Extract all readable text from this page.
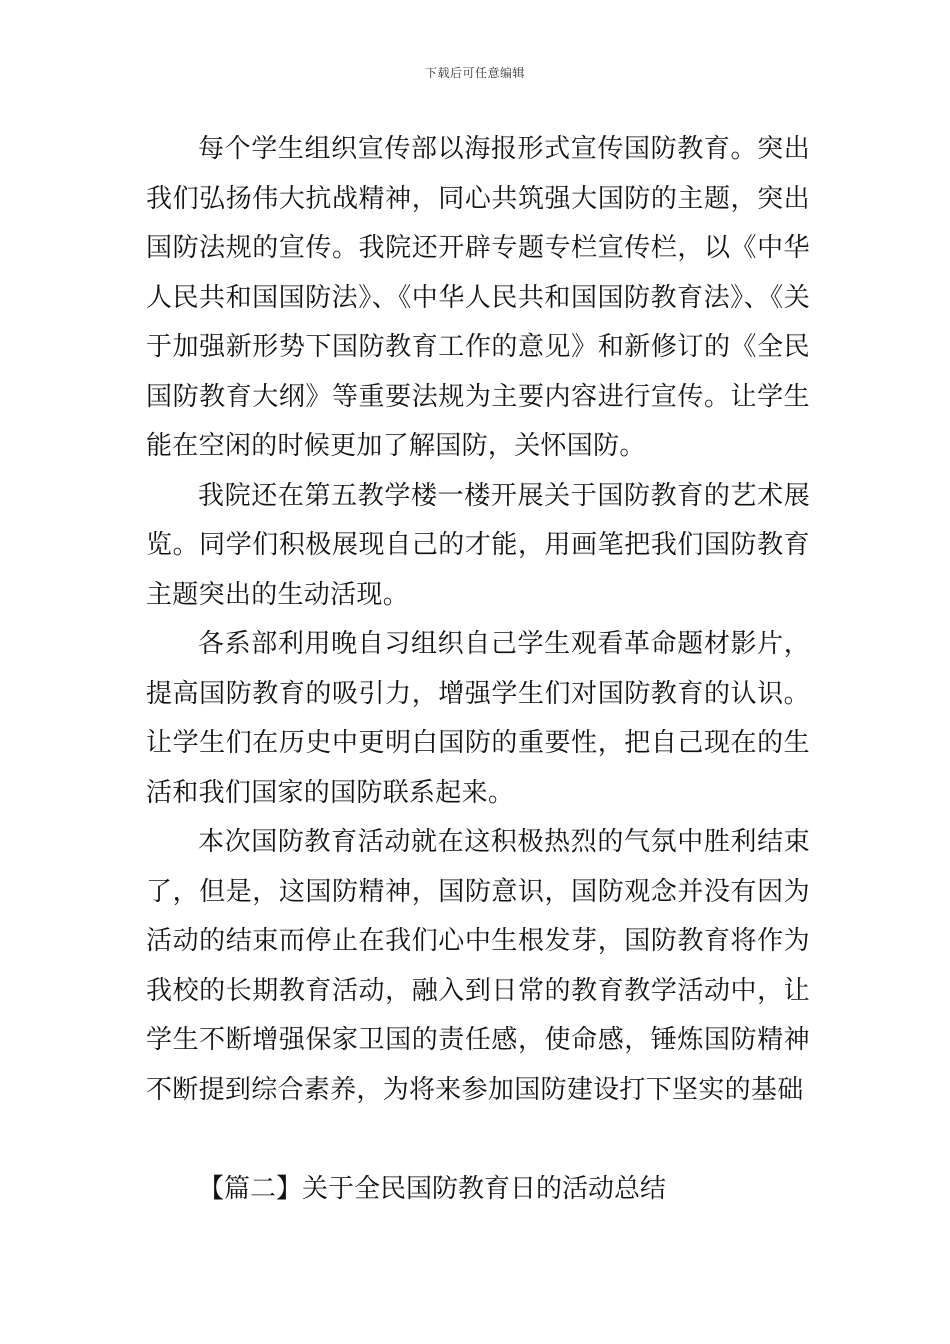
下载后可任意编辑

每个学生组织宣传部以海报形式宣传国防教育。突出我们弘扬伟大抗战精神，同心共筑强大国防的主题，突出国防法规的宣传。我院还开辟专题专栏宣传栏，以《中华人民共和国国防法》、《中华人民共和国国防教育法》、《关于加强新形势下国防教育工作的意见》和新修订的《全民国防教育大纲》等重要法规为主要内容进行宣传。让学生能在空闲的时候更加了解国防，关怀国防。

我院还在第五教学楼一楼开展关于国防教育的艺术展览。同学们积极展现自己的才能，用画笔把我们国防教育主题突出的生动活现。

各系部利用晚自习组织自己学生观看革命题材影片，提高国防教育的吸引力，增强学生们对国防教育的认识。让学生们在历史中更明白国防的重要性，把自己现在的生活和我们国家的国防联系起来。

本次国防教育活动就在这积极热烈的气氛中胜利结束了，但是，这国防精神，国防意识，国防观念并没有因为活动的结束而停止在我们心中生根发芽，国防教育将作为我校的长期教育活动，融入到日常的教育教学活动中，让学生不断增强保家卫国的责任感，使命感，锤炼国防精神不断提到综合素养，为将来参加国防建设打下坚实的基础

【篇二】关于全民国防教育日的活动总结
